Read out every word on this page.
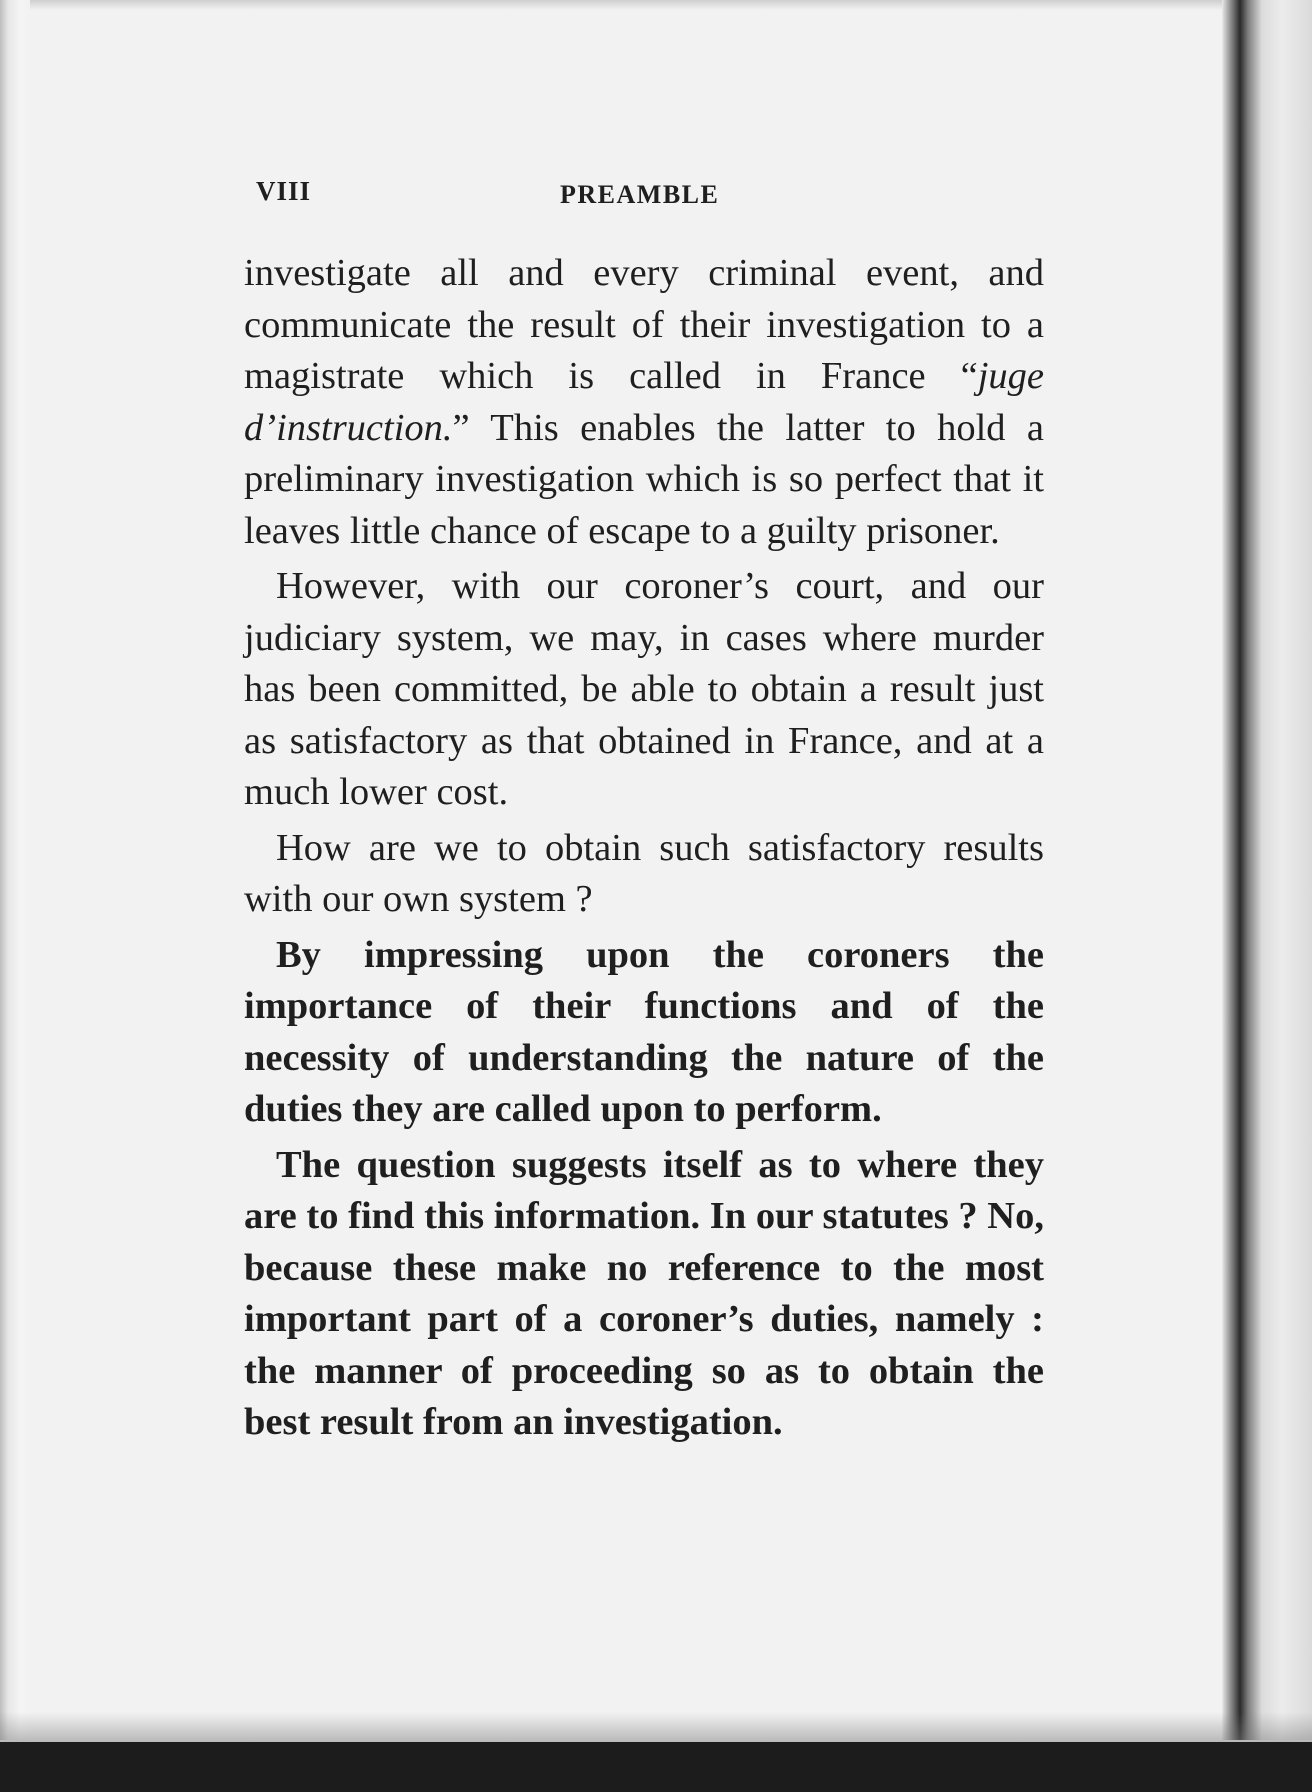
VIII	PREAMBLE

investigate all and every criminal event, and communicate the result of their investigation to a magistrate which is called in France “juge d’instruction.” This enables the latter to hold a preliminary investigation which is so perfect that it leaves little chance of escape to a guilty prisoner.

However, with our coroner’s court, and our judiciary system, we may, in cases where murder has been committed, be able to obtain a result just as satisfactory as that obtained in France, and at a much lower cost.

How are we to obtain such satisfactory results with our own system ?

By impressing upon the coroners the importance of their functions and of the necessity of understanding the nature of the duties they are called upon to perform.

The question suggests itself as to where they are to find this information. In our statutes ? No, because these make no reference to the most important part of a coroner’s duties, namely : the manner of proceeding so as to obtain the best result from an investigation.
